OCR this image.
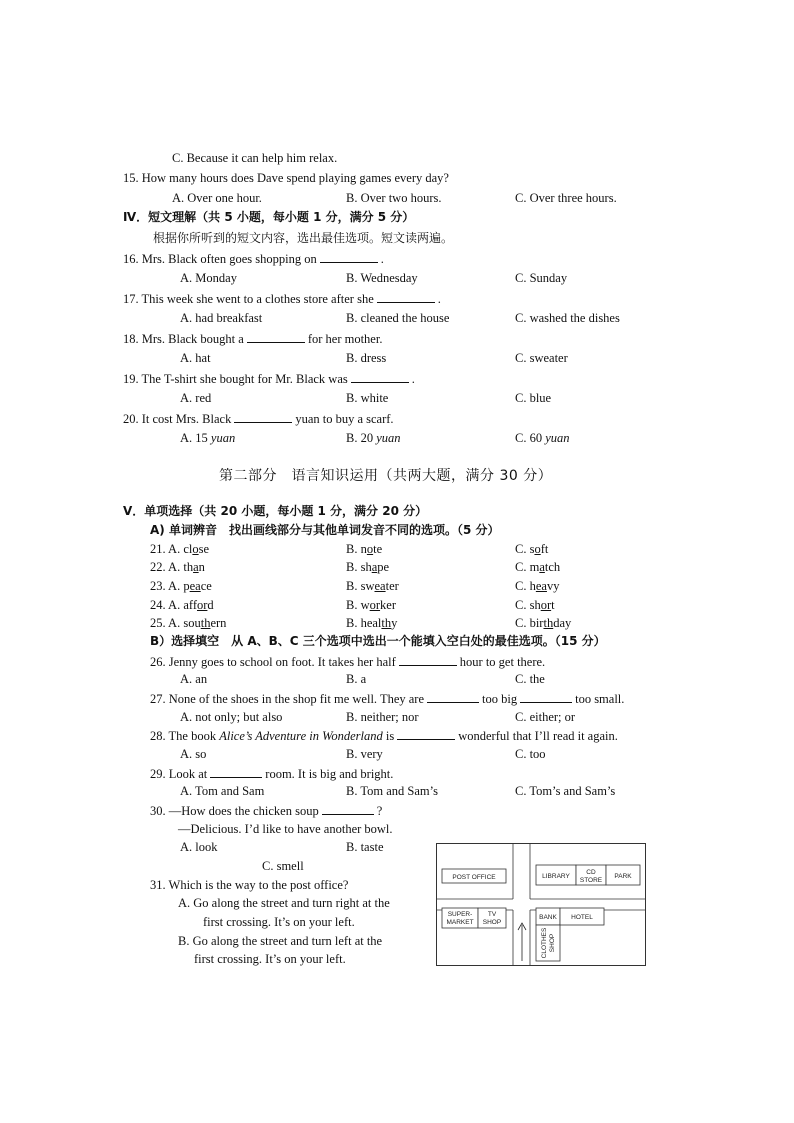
C. Because it can help him relax.
15. How many hours does Dave spend playing games every day?
A. Over one hour.	B. Over two hours.	C. Over three hours.
Ⅳ．短文理解（共 5 小题，每小题 1 分，满分 5 分）
根据你所听到的短文内容，选出最佳选项。短文读两遍。
16. Mrs. Black often goes shopping on	.
A. Monday	B. Wednesday	C. Sunday
17. This week she went to a clothes store after she	.
A. had breakfast	B. cleaned the house	C. washed the dishes
18. Mrs. Black bought a	for her mother.
A. hat	B. dress	C. sweater
19. The T-shirt she bought for Mr. Black was	.
A. red	B. white	C. blue
20. It cost Mrs. Black	yuan to buy a scarf.
A. 15 yuan	B. 20 yuan	C. 60 yuan
第二部分　语言知识运用（共两大题，满分 30 分）
V．单项选择（共 20 小题，每小题 1 分，满分 20 分）
A) 单词辨音　找出画线部分与其他单词发音不同的选项。（5 分）
21. A. close	B. note	C. soft
22. A. than	B. shape	C. match
23. A. peace	B. sweater	C. heavy
24. A. afford	B. worker	C. short
25. A. southern	B. healthy	C. birthday
B）选择填空　从 A、B、C 三个选项中选出一个能填入空白处的最佳选项。（15 分）
26. Jenny goes to school on foot. It takes her half	hour to get there.
A. an	B. a	C. the
27. None of the shoes in the shop fit me well. They are	too big	too small.
A. not only; but also	B. neither; nor	C. either; or
28. The book Alice’s Adventure in Wonderland is	wonderful that I’ll read it again.
A. so	B. very	C. too
29. Look at	room. It is big and bright.
A. Tom and Sam	B. Tom and Sam’s	C. Tom’s and Sam’s
30. —How does the chicken soup	?
—Delicious. I’d like to have another bowl.
A. look	B. taste
C. smell
31. Which is the way to the post office?
A. Go along the street and turn right at the
first crossing. It’s on your left.
B. Go along the street and turn left at the
first crossing. It’s on your left.
POST OFFICE	LIBRARY
CD
STORE
PARK
SUPER-
MARKET
TV
SHOP
BANK HOTEL
CLOTHES SHOP
